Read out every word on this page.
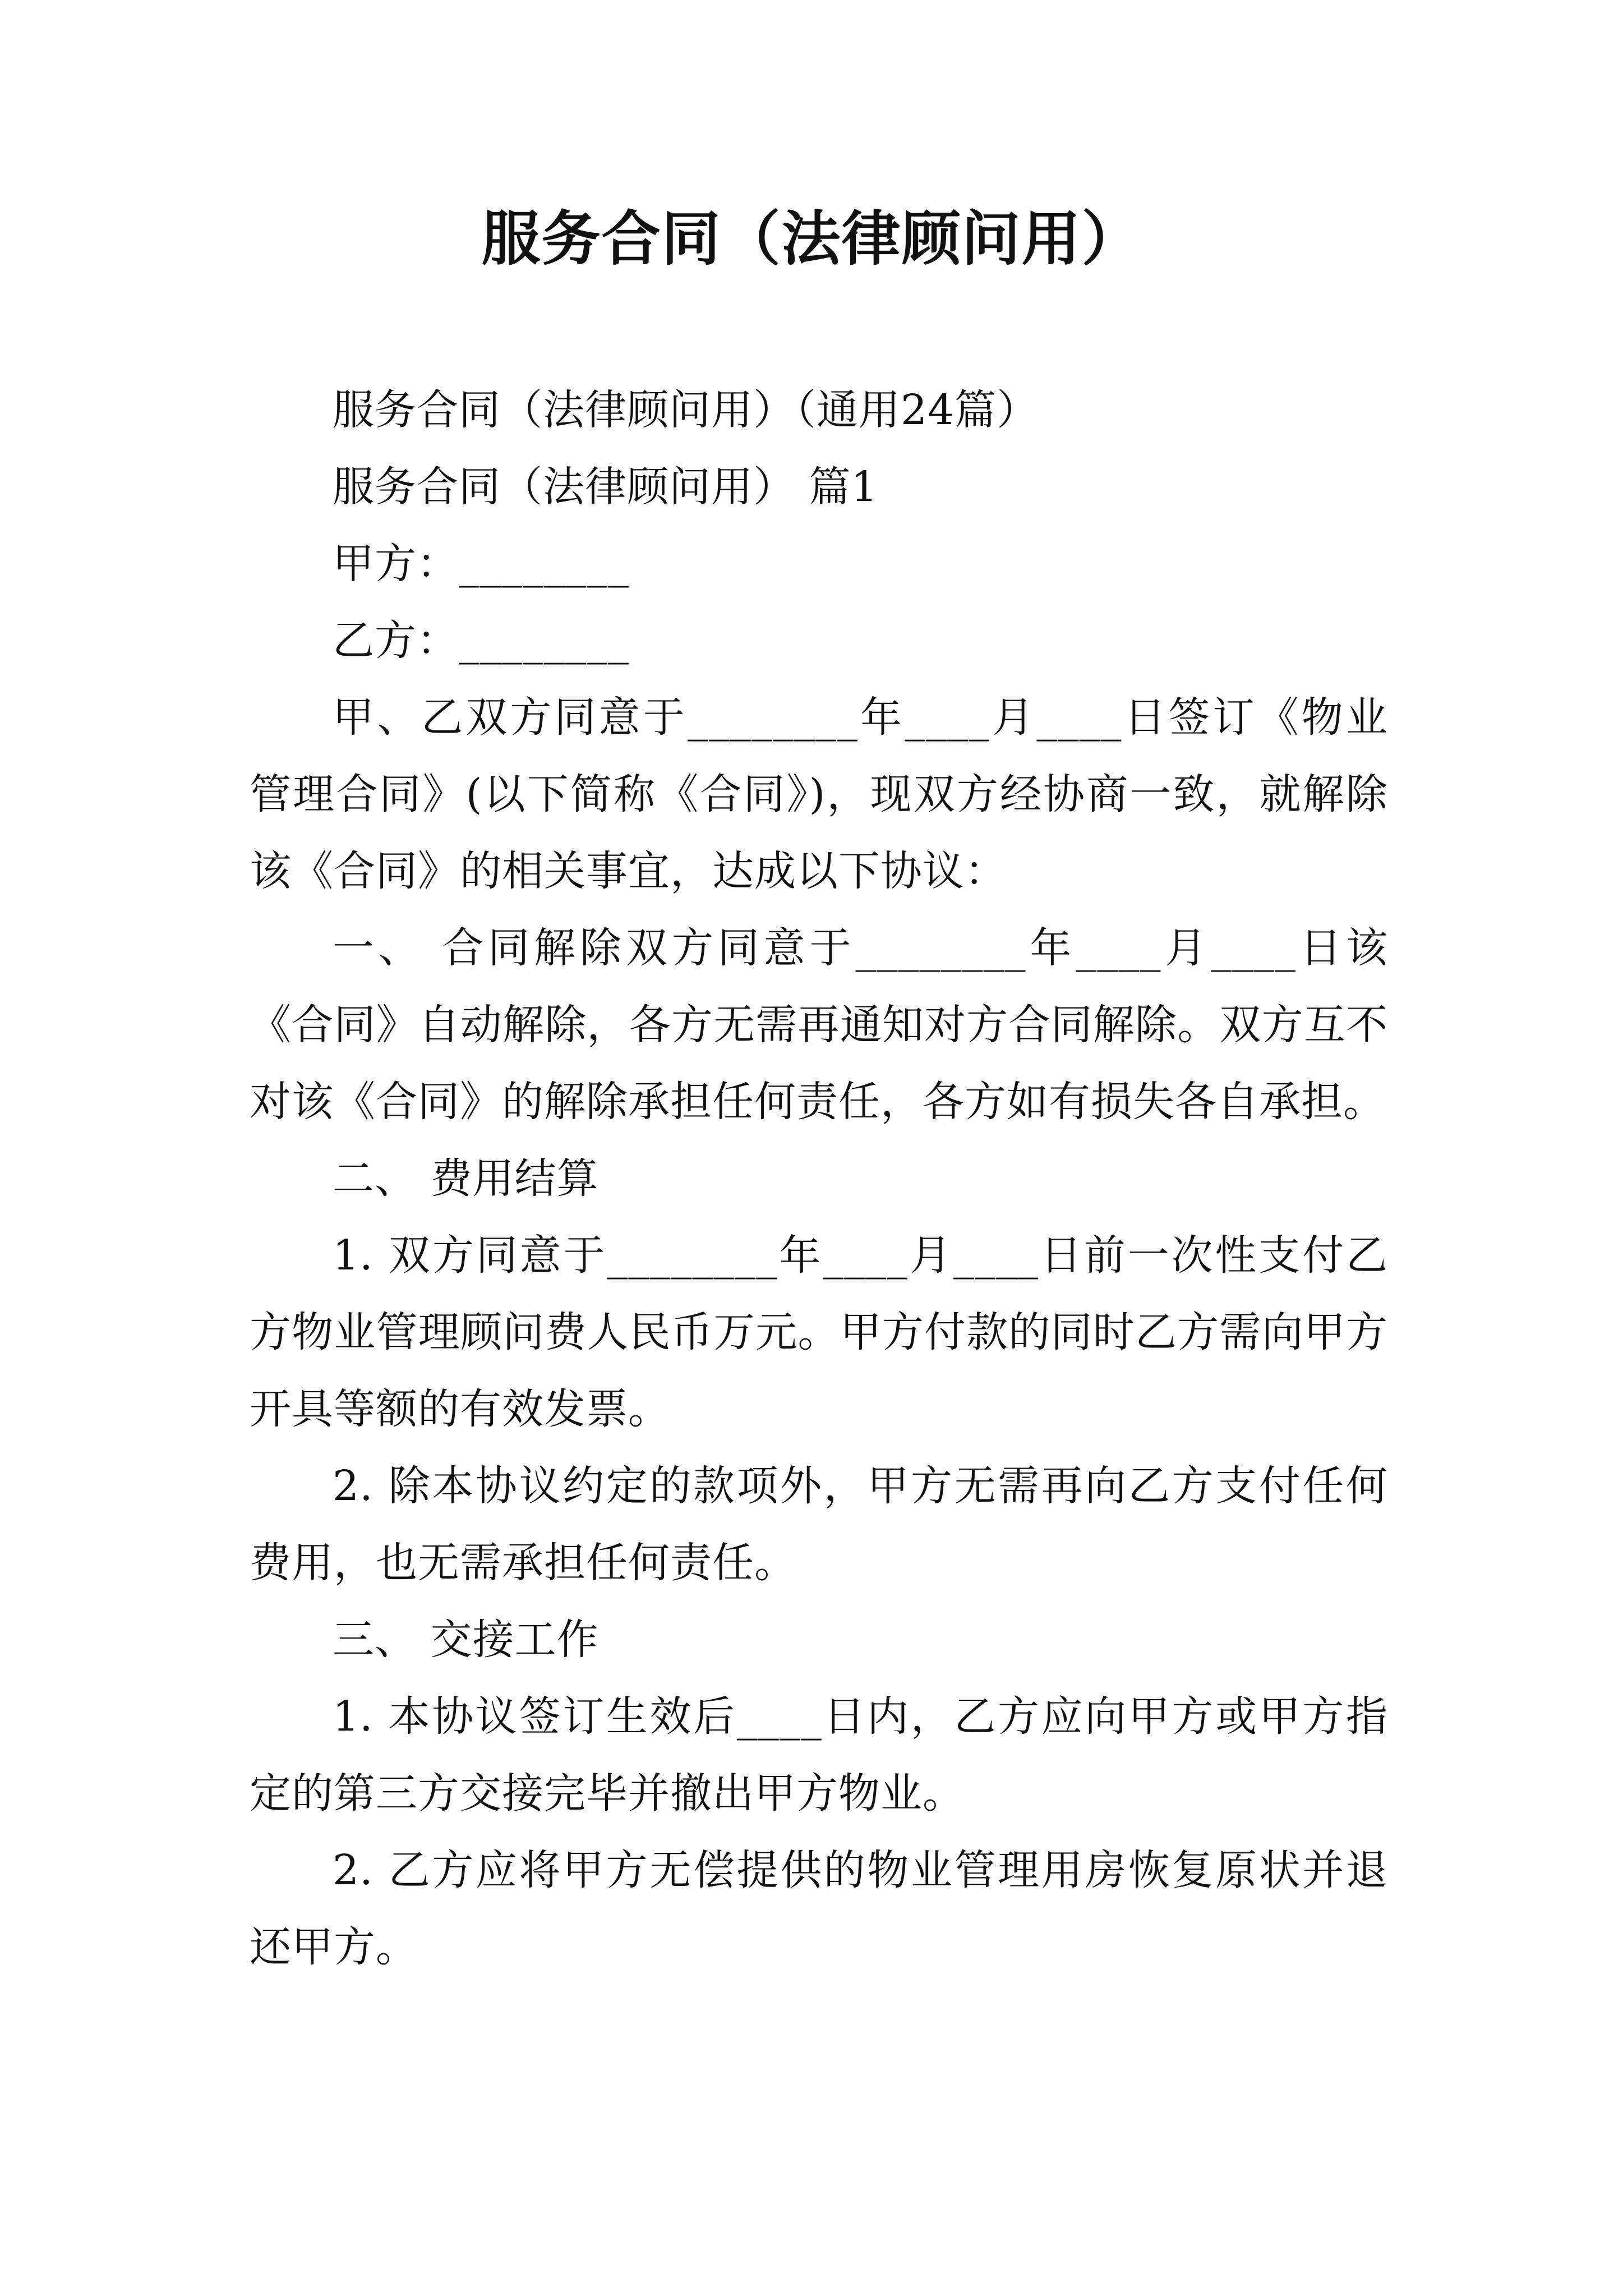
服务合同（法律顾问用）

服务合同（法律顾问用）（通用24篇）

服务合同（法律顾问用） 篇1

甲方：________

乙方：________

甲、乙双方同意于________年____月____日签订《物业管理合同》(以下简称《合同》)，现双方经协商一致，就解除该《合同》的相关事宜，达成以下协议：

一、 合同解除双方同意于________年____月____日该《合同》自动解除，各方无需再通知对方合同解除。双方互不对该《合同》的解除承担任何责任，各方如有损失各自承担。

二、 费用结算

1. 双方同意于________年____月____日前一次性支付乙方物业管理顾问费人民币万元。甲方付款的同时乙方需向甲方开具等额的有效发票。

2. 除本协议约定的款项外，甲方无需再向乙方支付任何费用，也无需承担任何责任。

三、 交接工作

1. 本协议签订生效后____日内，乙方应向甲方或甲方指定的第三方交接完毕并撤出甲方物业。

2. 乙方应将甲方无偿提供的物业管理用房恢复原状并退还甲方。
